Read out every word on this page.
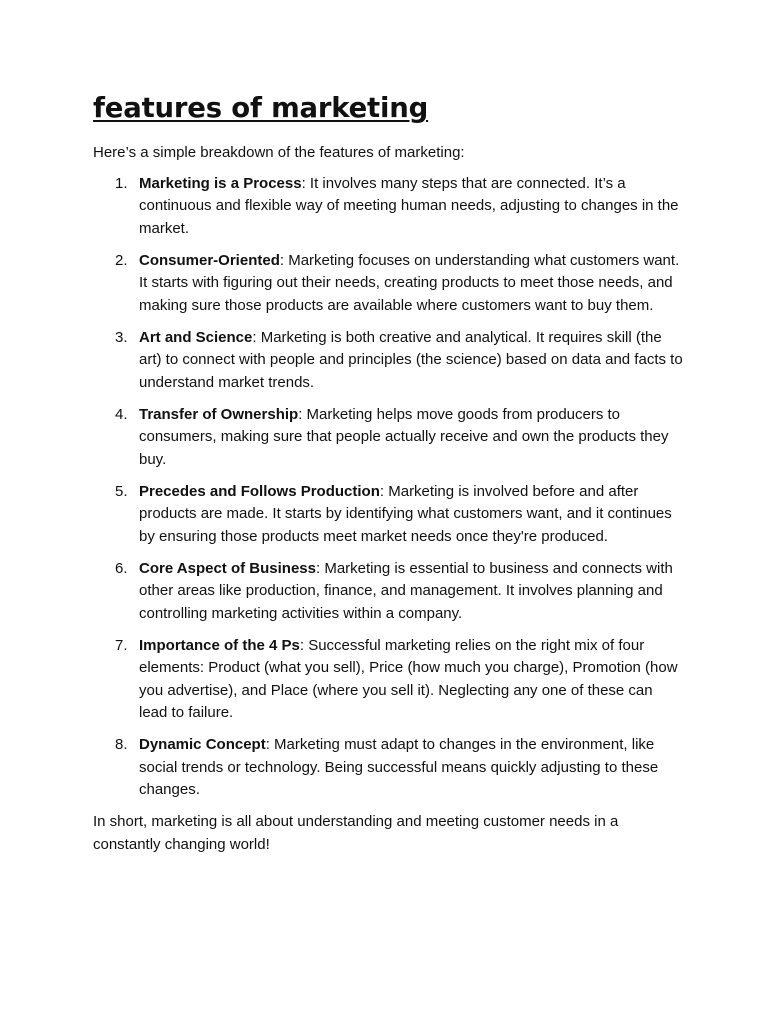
features of marketing

Here’s a simple breakdown of the features of marketing:

1. Marketing is a Process: It involves many steps that are connected. It’s a continuous and flexible way of meeting human needs, adjusting to changes in the market.
2. Consumer-Oriented: Marketing focuses on understanding what customers want. It starts with figuring out their needs, creating products to meet those needs, and making sure those products are available where customers want to buy them.
3. Art and Science: Marketing is both creative and analytical. It requires skill (the art) to connect with people and principles (the science) based on data and facts to understand market trends.
4. Transfer of Ownership: Marketing helps move goods from producers to consumers, making sure that people actually receive and own the products they buy.
5. Precedes and Follows Production: Marketing is involved before and after products are made. It starts by identifying what customers want, and it continues by ensuring those products meet market needs once they're produced.
6. Core Aspect of Business: Marketing is essential to business and connects with other areas like production, finance, and management. It involves planning and controlling marketing activities within a company.
7. Importance of the 4 Ps: Successful marketing relies on the right mix of four elements: Product (what you sell), Price (how much you charge), Promotion (how you advertise), and Place (where you sell it). Neglecting any one of these can lead to failure.
8. Dynamic Concept: Marketing must adapt to changes in the environment, like social trends or technology. Being successful means quickly adjusting to these changes.

In short, marketing is all about understanding and meeting customer needs in a constantly changing world!
